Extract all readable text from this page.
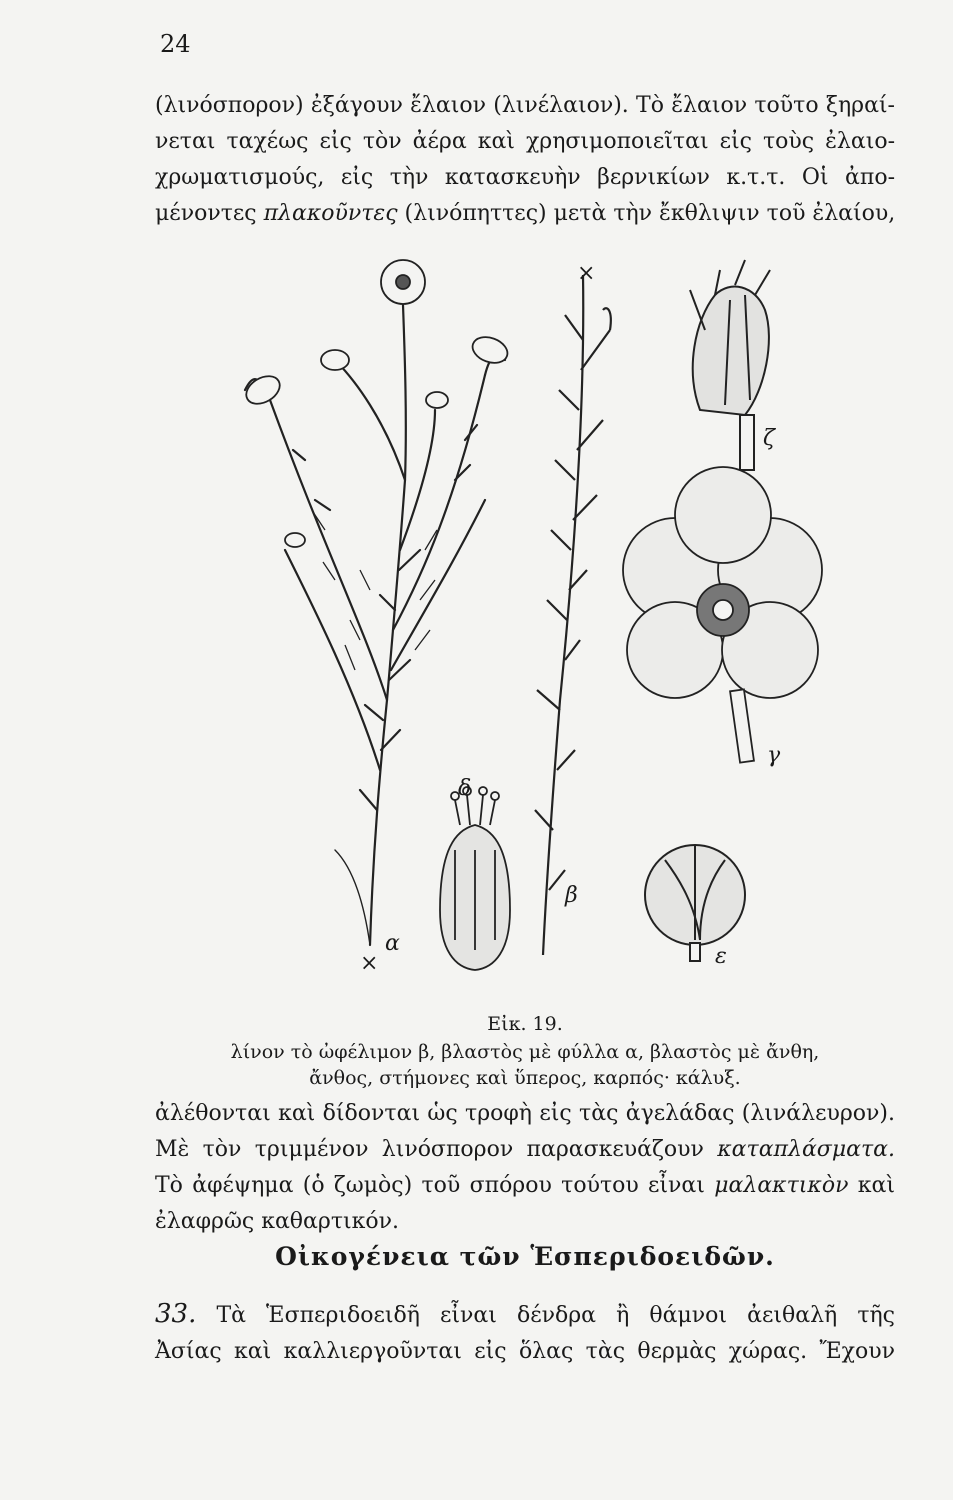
24
(λινόσπορον) ἐξάγουν ἔλαιον (λινέλαιον). Τὸ ἔλαιον τοῦτο ξηραί-
νεται ταχέως εἰς τὸν ἀέρα καὶ χρησιμοποιεῖται εἰς τοὺς ἐλαιο-
χρωματισμούς, εἰς τὴν κατασκευὴν βερνικίων κ.τ.τ. Οἱ ἀπο-
μένοντες πλακοῦντες (λινόπηττες) μετὰ τὴν ἔκθλιψιν τοῦ ἐλαίου,
α
β
γ
δ
ε
ζ
×
×
Εἰκ. 19.
λίνον τὸ ὠφέλιμον β, βλαστὸς μὲ φύλλα α, βλαστὸς μὲ ἄνθη,
ἄνθος, στήμονες καὶ ὕπερος, καρπός· κάλυξ.
ἀλέθονται καὶ δίδονται ὡς τροφὴ εἰς τὰς ἀγελάδας (λινάλευρον).
Μὲ τὸν τριμμένον λινόσπορον παρασκευάζουν καταπλάσματα.
Τὸ ἀφέψημα (ὁ ζωμὸς) τοῦ σπόρου τούτου εἶναι μαλακτικὸν καὶ
ἐλαφρῶς καθαρτικόν.
Οἰκογένεια τῶν Ἑσπεριδοειδῶν.
33. Τὰ Ἑσπεριδοειδῆ εἶναι δένδρα ἢ θάμνοι ἀειθαλῆ τῆς
Ἀσίας καὶ καλλιεργοῦνται εἰς ὅλας τὰς θερμὰς χώρας. Ἔχουν
